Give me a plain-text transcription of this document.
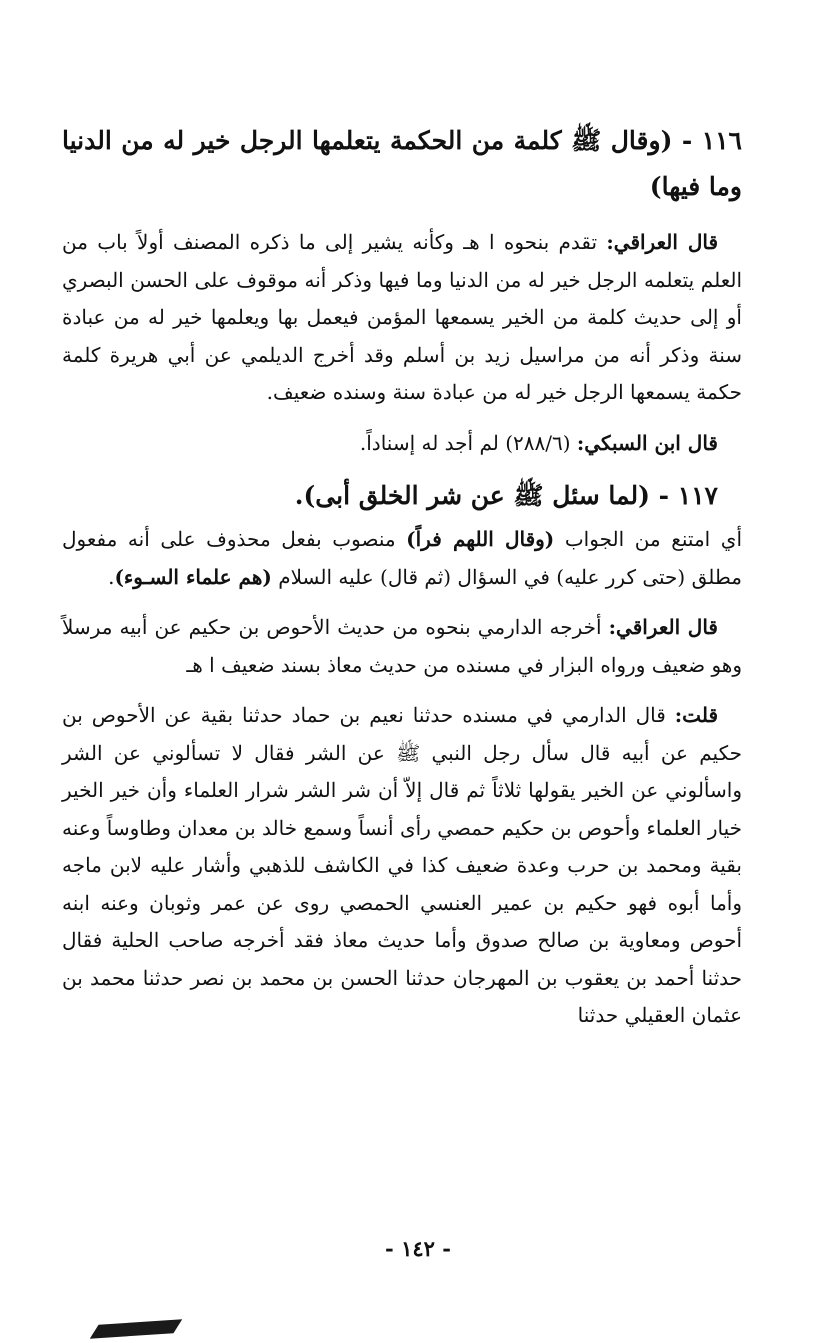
١١٦ - (وقال ﷺ كلمة من الحكمة يتعلمها الرجل خير له من الدنيا وما فيها)

قال العراقي: تقدم بنحوه ا هـ وكأنه يشير إلى ما ذكره المصنف أولاً باب من العلم يتعلمه الرجل خير له من الدنيا وما فيها وذكر أنه موقوف على الحسن البصري أو إلى حديث كلمة من الخير يسمعها المؤمن فيعمل بها ويعلمها خير له من عبادة سنة وذكر أنه من مراسيل زيد بن أسلم وقد أخرج الديلمي عن أبي هريرة كلمة حكمة يسمعها الرجل خير له من عبادة سنة وسنده ضعيف.

قال ابن السبكي: (٢٨٨/٦) لم أجد له إسناداً.

١١٧ - (لما سئل ﷺ عن شر الخلق أبى).

أي امتنع من الجواب (وقال اللهم فراً) منصوب بفعل محذوف على أنه مفعول مطلق (حتى كرر عليه) في السؤال (ثم قال) عليه السلام (هم علماء السـوء).

قال العراقي: أخرجه الدارمي بنحوه من حديث الأحوص بن حكيم عن أبيه مرسلاً وهو ضعيف ورواه البزار في مسنده من حديث معاذ بسند ضعيف ا هـ

قلت: قال الدارمي في مسنده حدثنا نعيم بن حماد حدثنا بقية عن الأحوص بن حكيم عن أبيه قال سأل رجل النبي ﷺ عن الشر فقال لا تسألوني عن الشر واسألوني عن الخير يقولها ثلاثاً ثم قال إلاّ أن شر الشر شرار العلماء وأن خير الخير خيار العلماء وأحوص بن حكيم حمصي رأى أنساً وسمع خالد بن معدان وطاوساً وعنه بقية ومحمد بن حرب وعدة ضعيف كذا في الكاشف للذهبي وأشار عليه لابن ماجه وأما أبوه فهو حكيم بن عمير العنسي الحمصي روى عن عمر وثوبان وعنه ابنه أحوص ومعاوية بن صالح صدوق وأما حديث معاذ فقد أخرجه صاحب الحلية فقال حدثنا أحمد بن يعقوب بن المهرجان حدثنا الحسن بن محمد بن نصر حدثنا محمد بن عثمان العقيلي حدثنا

- ١٤٢ -
